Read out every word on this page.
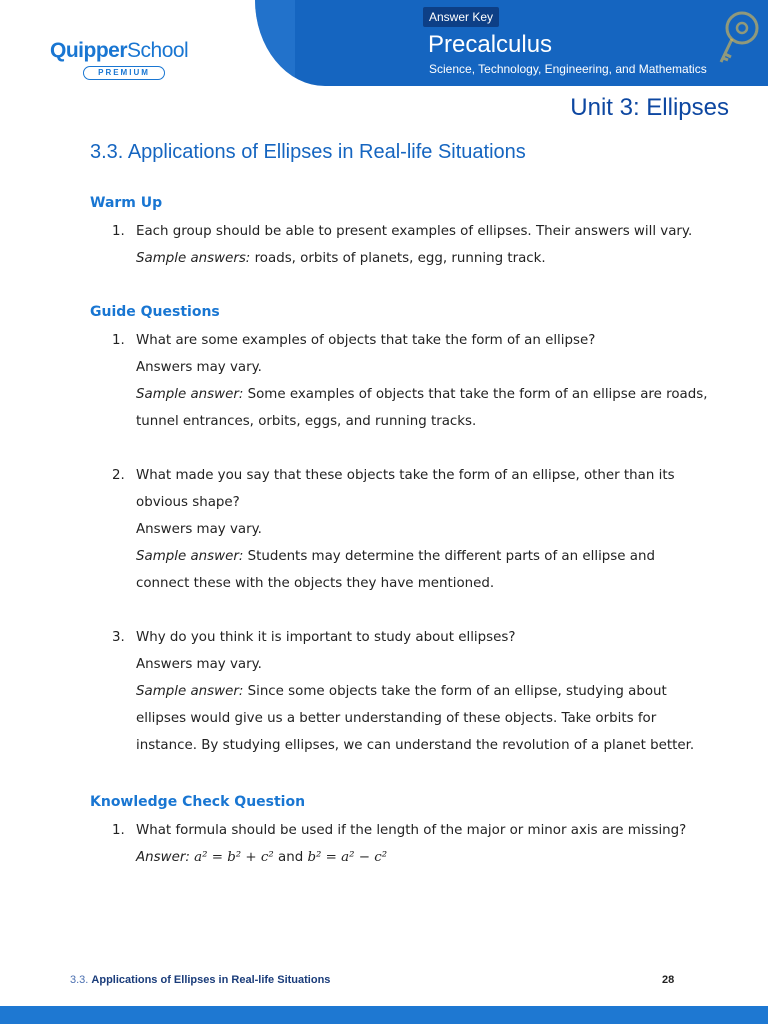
Answer Key
Precalculus
Science, Technology, Engineering, and Mathematics
QuipperSchool
PREMIUM
Unit 3: Ellipses
3.3. Applications of Ellipses in Real-life Situations
Warm Up
1. Each group should be able to present examples of ellipses. Their answers will vary.
Sample answers: roads, orbits of planets, egg, running track.
Guide Questions
1. What are some examples of objects that take the form of an ellipse?
Answers may vary.
Sample answer: Some examples of objects that take the form of an ellipse are roads,
tunnel entrances, orbits, eggs, and running tracks.
2. What made you say that these objects take the form of an ellipse, other than its
obvious shape?
Answers may vary.
Sample answer: Students may determine the different parts of an ellipse and
connect these with the objects they have mentioned.
3. Why do you think it is important to study about ellipses?
Answers may vary.
Sample answer: Since some objects take the form of an ellipse, studying about
ellipses would give us a better understanding of these objects. Take orbits for
instance. By studying ellipses, we can understand the revolution of a planet better.
Knowledge Check Question
1. What formula should be used if the length of the major or minor axis are missing?
Answer: a² = b² + c² and b² = a² − c²
3.3. Applications of Ellipses in Real-life Situations	28
